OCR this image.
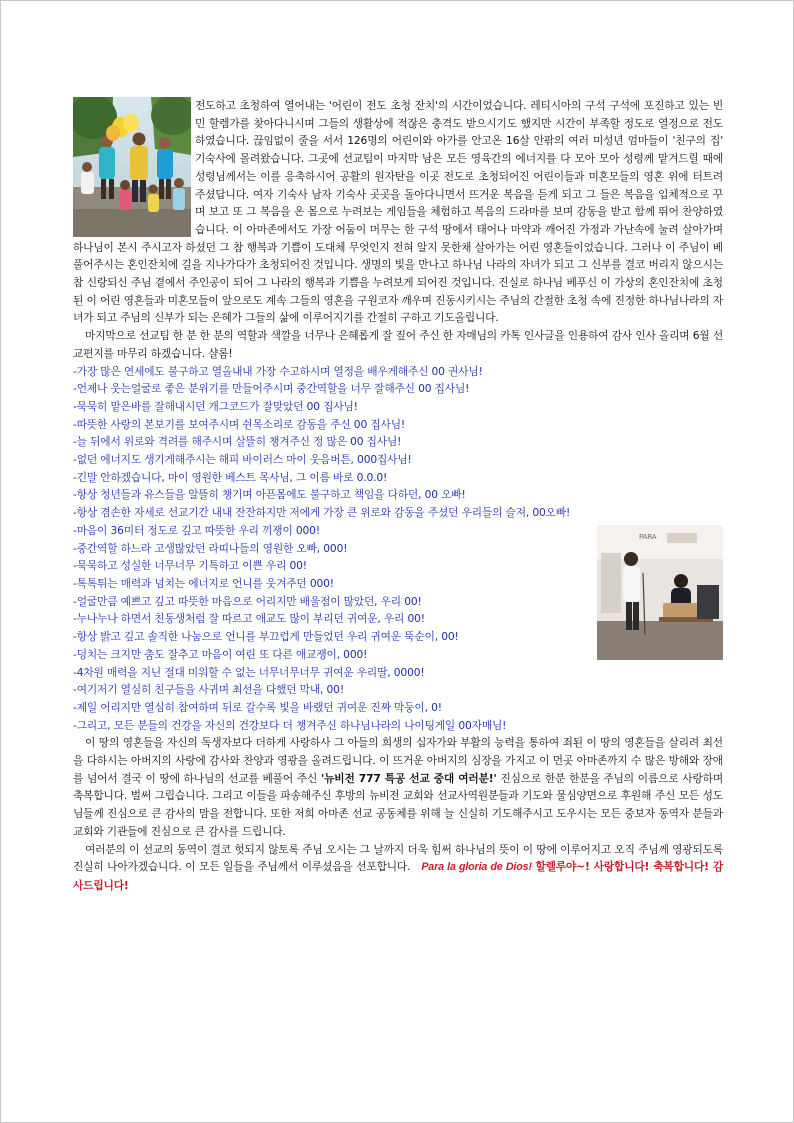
전도하고 초청하여 열어내는 '어린이 전도 초청 잔치'의 시간이었습니다. 레티시아의 구석 구석에 포진하고 있는 빈민 할렘가를 찾아다니시며 그들의 생활상에 적잖은 충격도 받으시기도 했지만 시간이 부족할 정도로 열정으로 전도하였습니다. 끊임없이 줄을 서서 126명의 어린이와 아가를 안고온 16살 안팎의 여러 미성년 엄마들이 '친구의 집' 기숙사에 몰려왔습니다. 그곳에 선교팀이 마지막 남은 모든 영육간의 에너지를 다 모아 모아 성령께 맡겨드릴 때에 성령님께서는 이를 응축하시어 공활의 원자탄을 이곳 전도로 초청되어진 어린이들과 미혼모들의 영혼 위에 터트려 주셨답니다. 여자 기숙사 남자 기숙사 곳곳을 돌아다니면서 뜨거운 복음을 듣게 되고 그 들은 복음을 입체적으로 꾸며 보고 또 그 복음을 온 몸으로 누려보는 게임들을 체험하고 복음의 드라마를 보며 감동을 받고 함께 뛰어 찬양하였습니다. 이 아마존에서도 가장 어둠이 머무는 한 구석 땅에서 태어나 마약과 깨어진 가정과 가난속에 눌려 살아가며 하나님이 본시 주시고자 하셨던 그 참 행복과 기쁨이 도대체 무엇인지 전혀 알지 못한채 살아가는 어린 영혼들이었습니다. 그러나 이 주님이 베풀어주시는 혼인잔치에 길을 지나가다가 초청되어진 것입니다. 생명의 빛을 만나고 하나님 나라의 자녀가 되고 그 신부를 결코 버리지 않으시는 참 신랑되신 주님 곁에서 주인공이 되어 그 나라의 행복과 기쁨을 누려보게 되어진 것입니다. 진실로 하나님 베푸신 이 가상의 혼인잔치에 초청된 이 어린 영혼들과 미혼모들이 앞으로도 계속 그들의 영혼을 구원코자 깨우며 진동시키시는 주님의 간절한 초청 속에 진정한 하나님나라의 자녀가 되고 주님의 신부가 되는 은혜가 그들의 삶에 이루어지기를 간절히 구하고 기도올립니다.

마지막으로 선교팀 한 분 한 분의 역할과 색깔을 너무나 은혜롭게 잘 짚어 주신 한 자매님의 카톡 인사글을 인용하여 감사 인사 올리며 6월 선교편지를 마무리 하겠습니다. 샬롬!

-가장 많은 연세에도 불구하고 열올내내 가장 수고하시며 열정을 배우게해주신 00 권사님!

-언제나 웃는얼굴로 좋은 분위기를 만들어주시며 중간역할을 너무 잘해주신 00 집사님!

-묵묵히 맡은바를 잘해내시던 개그코드가 잘맞았던 00 집사님!

-따뜻한 사랑의 본보기를 보여주시며 쉰목소리로 감동을 주신 00 집사님!

-늘 뒤에서 위로와 격려를 해주시며 살뜰히 챙겨주신 정 많은 00 집사님!

-없던 에너지도 생기게해주시는 해피 바이러스 마이 웃음버튼, 000집사님!

-긴말 안하겠습니다, 마이 영원한 베스트 목사님, 그 이름 바로 0.0.0!

-항상 청년들과 유스들을 알뜰히 챙기며 아픈몸에도 불구하고 책임을 다하던, 00 오빠!

-항상 겸손한 자세로 선교기간 내내 잔잔하지만 저에게 가장 큰 위로와 감동을 주셨던 우리들의 슬져, 00오빠!

PARA

-마음이 36미터 정도로 깊고 따뜻한 우리 끼쟁이 000!

-중간역할 하느라 고생많았던 라띠나들의 영원한 오빠, 000!

-묵묵하고 성실한 너무너무 기특하고 이쁜 우리 00!

-톡톡튀는 매력과 넘치는 에너지로 언니를 웃겨주던 000!

-얼굴만큼 예쁘고 깊고 따뜻한 마음으로 어리지만 배울점이 많았던, 우리 00!

-누나누나 하면서 친동생처럼 잘 따르고 애교도 많이 부리던 귀여운, 우리 00!

-항상 밝고 깊고 솔직한 나눔으로 언니를 부끄럽게 만들었던 우리 귀여운 뚝순이, 00!

-덩치는 크지만 춤도 잘추고 마음이 여린 또 다른 애교쟁이, 000!

-4차원 매력을 지닌 절대 미워할 수 없는 너무너무너무 귀여운 우리딸, 0000!

-여기저기 열심히 친구들을 사귀며 최선을 다했던 막내, 00!

-제일 어리지만 열심히 참여하며 뒤로 갈수록 빛을 바랬던 귀여운 진짜 막둥이, 0!

-그리고, 모든 분들의 건강을 자신의 건강보다 더 챙겨주신 하나님나라의 나이팅게일 00자매님!

이 땅의 영혼들을 자신의 독생자보다 더하게 사랑하사 그 아들의 희생의 십자가와 부활의 능력을 통하여 죄된 이 땅의 영혼들을 살리려 최선을 다하시는 아버지의 사랑에 감사와 찬양과 영광을 올려드립니다. 이 뜨거운 아버지의 심장을 가지고 이 먼곳 아마존까지 수 많은 방해와 장애를 넘어서 결국 이 땅에 하나님의 선교를 베풀어 주신 '뉴비전 777 특공 선교 중대 여러분!' 진심으로 한분 한분을 주님의 이름으로 사랑하며 축복합니다. 벌써 그립습니다. 그리고 이들을 파송해주신 후방의 뉴비전 교회와 선교사역원분들과 기도와 물심양면으로 후원해 주신 모든 성도님들께 진심으로 큰 감사의 맘을 전합니다. 또한 저희 아마존 선교 공동체를 위해 늘 신실히 기도해주시고 도우시는 모든 중보자 동역자 분들과 교회와 기관들에 진심으로 큰 감사를 드립니다.

여러분의 이 선교의 동역이 결코 헛되지 않토록 주님 오시는 그 날까지 더욱 힘써 하나님의 뜻이 이 땅에 이루어지고 오직 주님께 영광되도록 진실히 나아가겠습니다. 이 모든 일들을 주님께서 이루셨음을 선포합니다. Para la gloria de Dios! 할렐루야~! 사랑합니다! 축복합니다! 감사드립니다!
